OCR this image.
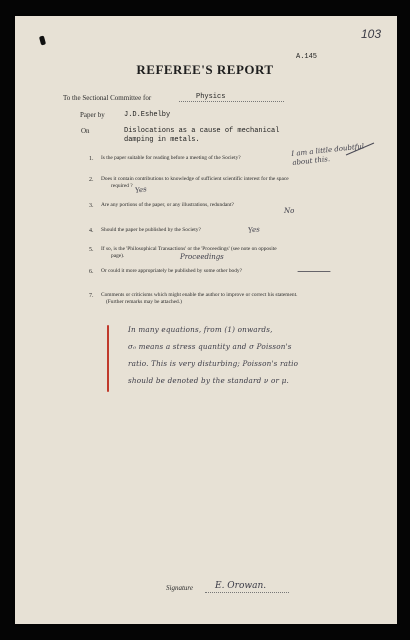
103
A.145
REFEREE'S REPORT
To the Sectional Committee for	Physics
Paper by	J.D.Eshelby
On	Dislocations as a cause of mechanical
damping in metals.
1. Is the paper suitable for reading before a meeting of the Society?
I am a little doubtful about this.
2. Does it contain contributions to knowledge of sufficient scientific interest for the space
required ? Yes
3. Are any portions of the paper, or any illustrations, redundant?
No
4. Should the paper be published by the Society?	Yes
5. If so, is the 'Philosophical Transactions' or the 'Proceedings' (see note on opposite
page).	Proceedings
6. Or could it more appropriately be published by some other body?	—
7. Comments or criticisms which might enable the author to improve or correct his statement.
(Further remarks may be attached.)
In many equations, from (1) onwards,
σ₀ means a stress quantity and σ Poisson's
ratio. This is very disturbing; Poisson's ratio
should be denoted by the standard ν or μ.
Signature E. Orowan.
